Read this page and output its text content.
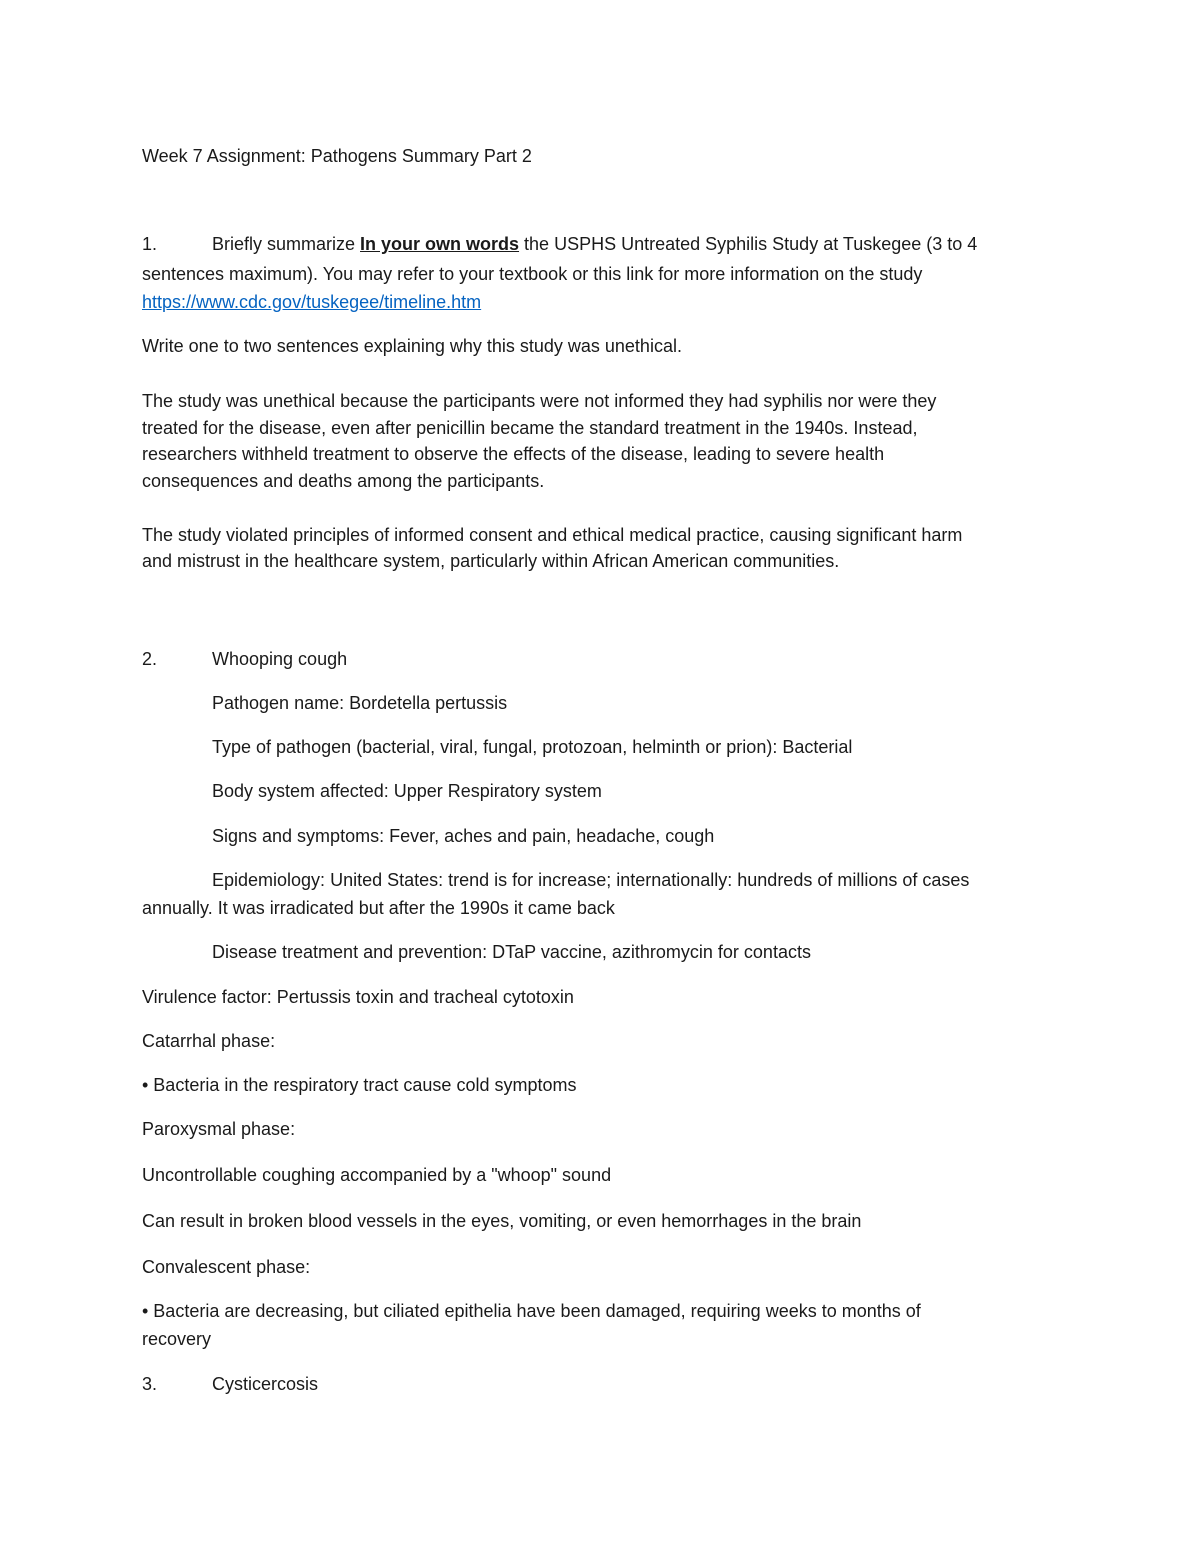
Week 7 Assignment: Pathogens Summary Part 2

1.	Briefly summarize In your own words the USPHS Untreated Syphilis Study at Tuskegee (3 to 4

sentences maximum). You may refer to your textbook or this link for more information on the study

https://www.cdc.gov/tuskegee/timeline.htm

Write one to two sentences explaining why this study was unethical.

The study was unethical because the participants were not informed they had syphilis nor were they

treated for the disease, even after penicillin became the standard treatment in the 1940s. Instead,

researchers withheld treatment to observe the effects of the disease, leading to severe health

consequences and deaths among the participants.

The study violated principles of informed consent and ethical medical practice, causing significant harm

and mistrust in the healthcare system, particularly within African American communities.

2.	Whooping cough

Pathogen name: Bordetella pertussis

Type of pathogen (bacterial, viral, fungal, protozoan, helminth or prion): Bacterial

Body system affected: Upper Respiratory system

Signs and symptoms: Fever, aches and pain, headache, cough

Epidemiology: United States: trend is for increase; internationally: hundreds of millions of cases

annually. It was irradicated but after the 1990s it came back

Disease treatment and prevention: DTaP vaccine, azithromycin for contacts

Virulence factor: Pertussis toxin and tracheal cytotoxin

Catarrhal phase:

• Bacteria in the respiratory tract cause cold symptoms

Paroxysmal phase:

Uncontrollable coughing accompanied by a "whoop" sound

Can result in broken blood vessels in the eyes, vomiting, or even hemorrhages in the brain

Convalescent phase:

• Bacteria are decreasing, but ciliated epithelia have been damaged, requiring weeks to months of

recovery

3.	Cysticercosis
